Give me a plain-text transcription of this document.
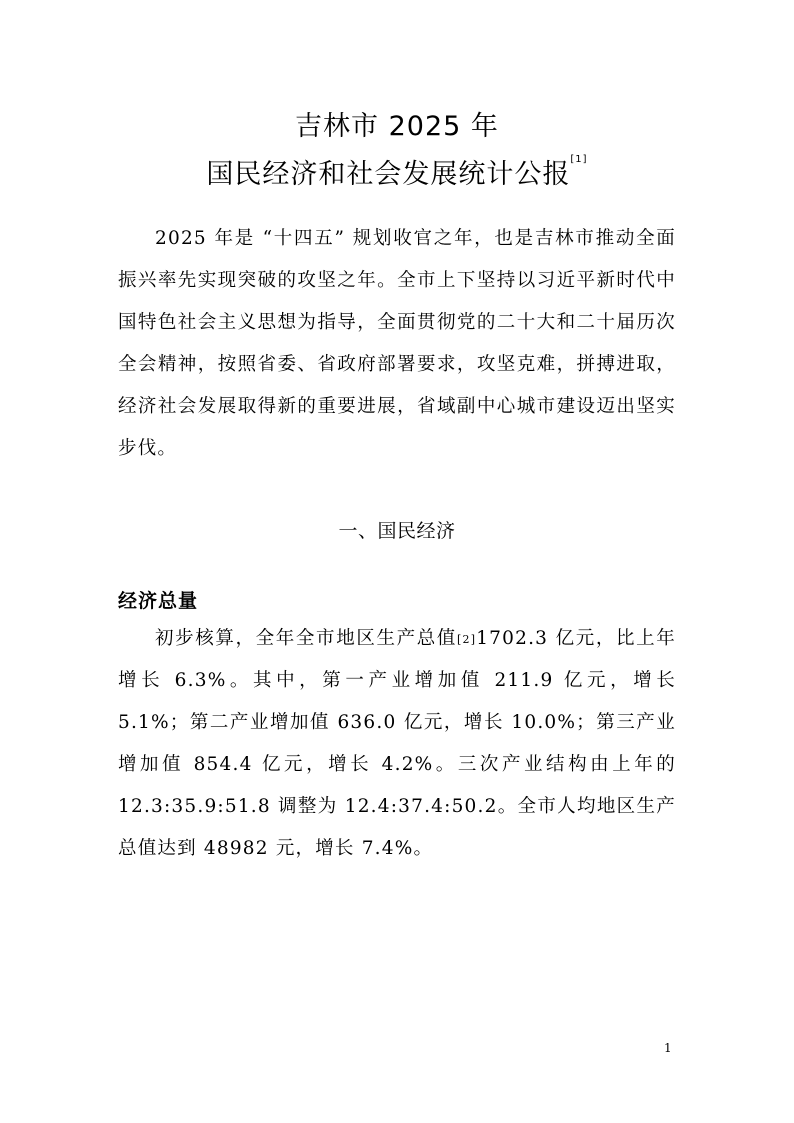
吉林市 2025 年
国民经济和社会发展统计公报[1]
2025 年是 “十四五” 规划收官之年，也是吉林市推动全面振兴率先实现突破的攻坚之年。全市上下坚持以习近平新时代中国特色社会主义思想为指导，全面贯彻党的二十大和二十届历次全会精神，按照省委、省政府部署要求，攻坚克难，拼搏进取，经济社会发展取得新的重要进展，省域副中心城市建设迈出坚实步伐。
一、国民经济
经济总量
初步核算，全年全市地区生产总值[2]1702.3 亿元，比上年增长 6.3%。其中，第一产业增加值 211.9 亿元，增长 5.1%；第二产业增加值 636.0 亿元，增长 10.0%；第三产业增加值 854.4 亿元，增长 4.2%。三次产业结构由上年的 12.3:35.9:51.8 调整为 12.4:37.4:50.2。全市人均地区生产总值达到 48982 元，增长 7.4%。
1
